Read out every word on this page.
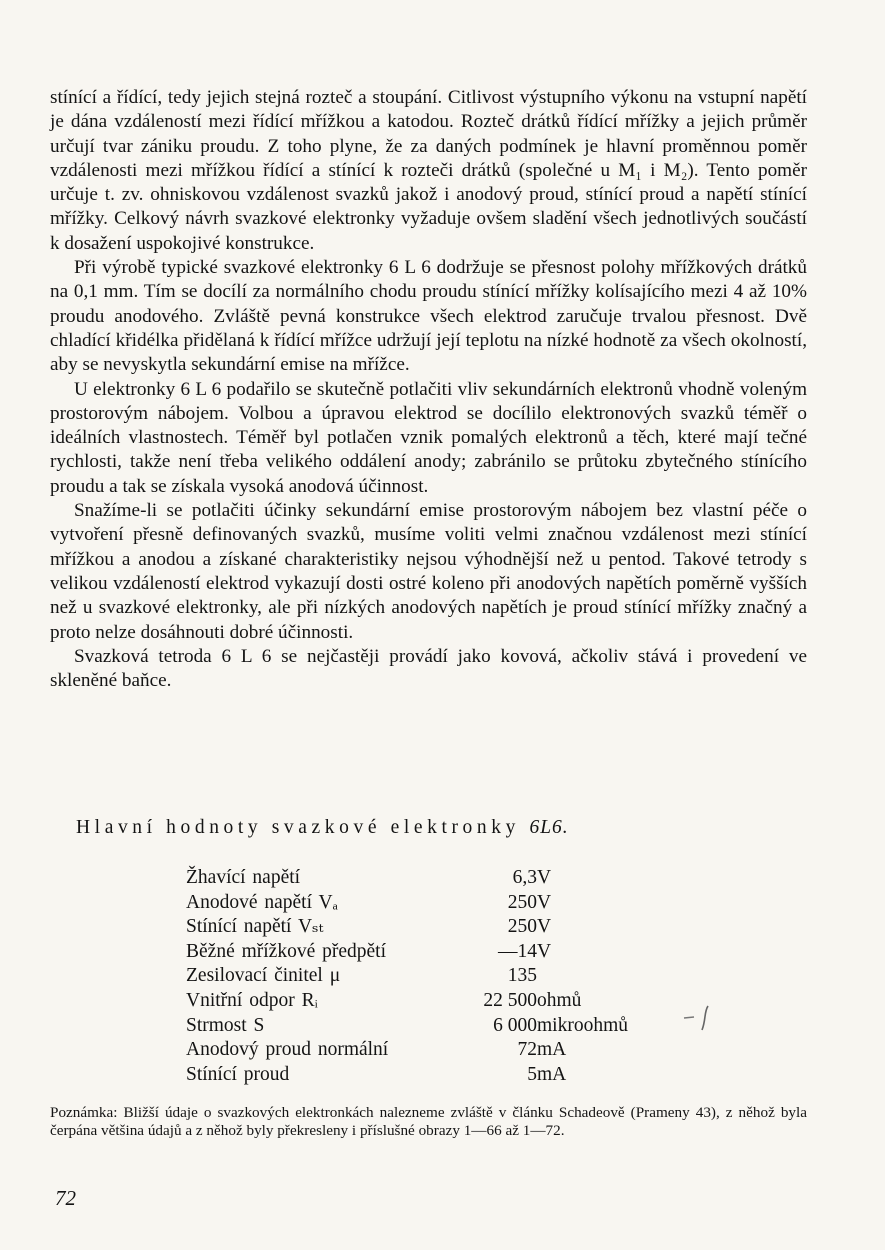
stínící a řídící, tedy jejich stejná rozteč a stoupání. Citlivost výstupního výkonu na vstupní napětí je dána vzdáleností mezi řídící mřížkou a katodou. Rozteč drátků řídící mřížky a jejich průměr určují tvar zániku proudu. Z toho plyne, že za daných podmínek je hlavní proměnnou poměr vzdálenosti mezi mřížkou řídící a stínící k rozteči drátků (společné u M₁ i M₂). Tento poměr určuje t. zv. ohniskovou vzdálenost svazků jakož i anodový proud, stínící proud a napětí stínící mřížky. Celkový návrh svazkové elektronky vyžaduje ovšem sladění všech jednotlivých součástí k dosažení uspokojivé konstrukce.

Při výrobě typické svazkové elektronky 6 L 6 dodržuje se přesnost polohy mřížkových drátků na 0,1 mm. Tím se docílí za normálního chodu proudu stínící mřížky kolísajícího mezi 4 až 10% proudu anodového. Zvláště pevná konstrukce všech elektrod zaručuje trvalou přesnost. Dvě chladící křidélka přidělaná k řídící mřížce udržují její teplotu na nízké hodnotě za všech okolností, aby se nevyskytla sekundární emise na mřížce.

U elektronky 6 L 6 podařilo se skutečně potlačiti vliv sekundárních elektronů vhodně voleným prostorovým nábojem. Volbou a úpravou elektrod se docílilo elektronových svazků téměř o ideálních vlastnostech. Téměř byl potlačen vznik pomalých elektronů a těch, které mají tečné rychlosti, takže není třeba velikého oddálení anody; zabránilo se průtoku zbytečného stínícího proudu a tak se získala vysoká anodová účinnost.

Snažíme-li se potlačiti účinky sekundární emise prostorovým nábojem bez vlastní péče o vytvoření přesně definovaných svazků, musíme voliti velmi značnou vzdálenost mezi stínící mřížkou a anodou a získané charakteristiky nejsou výhodnější než u pentod. Takové tetrody s velikou vzdáleností elektrod vykazují dosti ostré koleno při anodových napětích poměrně vyšších než u svazkové elektronky, ale při nízkých anodových napětích je proud stínící mřížky značný a proto nelze dosáhnouti dobré účinnosti.

Svazková tetroda 6 L 6 se nejčastěji provádí jako kovová, ačkoliv stává i provedení ve skleněné baňce.

Hlavní hodnoty svazkové elektronky 6L6.
Žhavící napětí	6,3	V
Anodové napětí Vₐ	250	V
Stínící napětí Vₛₜ	250	V
Běžné mřížkové předpětí	—14	V
Zesilovací činitel μ	135	
Vnitřní odpor Rᵢ	22 500	ohmů
Strmost S	6 000	mikroohmů
Anodový proud normální	72	mA
Stínící proud	5	mA
Poznámka: Bližší údaje o svazkových elektronkách nalezneme zvláště v článku Schadeově (Prameny 43), z něhož byla čerpána většina údajů a z něhož byly překresleny i příslušné obrazy 1—66 až 1—72.
72
